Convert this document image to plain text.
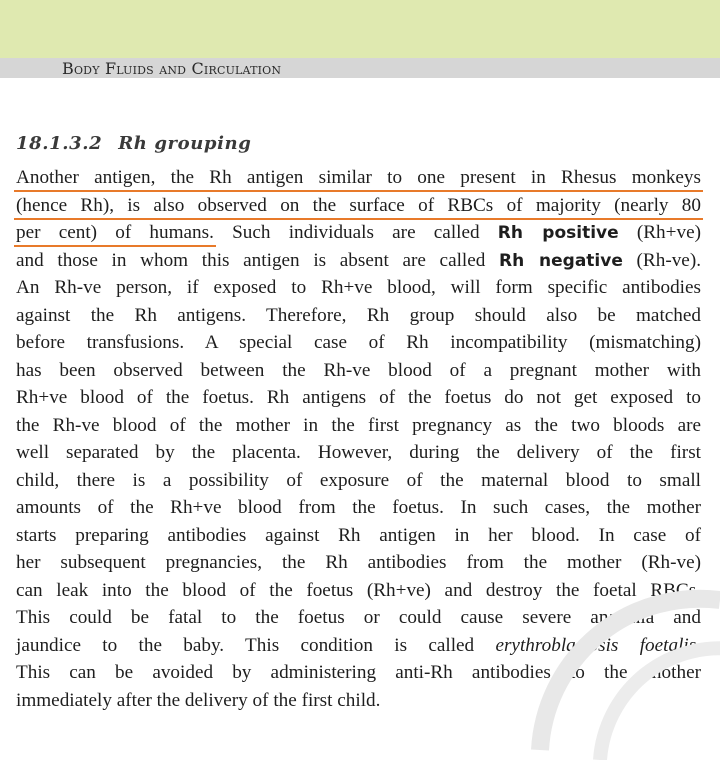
Body Fluids and Circulation
18.1.3.2 Rh grouping
Another antigen, the Rh antigen similar to one present in Rhesus monkeys
(hence Rh), is also observed on the surface of RBCs of majority (nearly 80
per cent) of humans. Such individuals are called Rh positive (Rh+ve)
and those in whom this antigen is absent are called Rh negative (Rh-ve).
An Rh-ve person, if exposed to Rh+ve blood, will form specific antibodies
against the Rh antigens. Therefore, Rh group should also be matched
before transfusions. A special case of Rh incompatibility (mismatching)
has been observed between the Rh-ve blood of a pregnant mother with
Rh+ve blood of the foetus. Rh antigens of the foetus do not get exposed to
the Rh-ve blood of the mother in the first pregnancy as the two bloods are
well separated by the placenta. However, during the delivery of the first
child, there is a possibility of exposure of the maternal blood to small
amounts of the Rh+ve blood from the foetus. In such cases, the mother
starts preparing antibodies against Rh antigen in her blood. In case of
her subsequent pregnancies, the Rh antibodies from the mother (Rh-ve)
can leak into the blood of the foetus (Rh+ve) and destroy the foetal RBCs.
This could be fatal to the foetus or could cause severe anaemia and
jaundice to the baby. This condition is called erythroblastosis foetalis.
This can be avoided by administering anti-Rh antibodies to the mother
immediately after the delivery of the first child.
